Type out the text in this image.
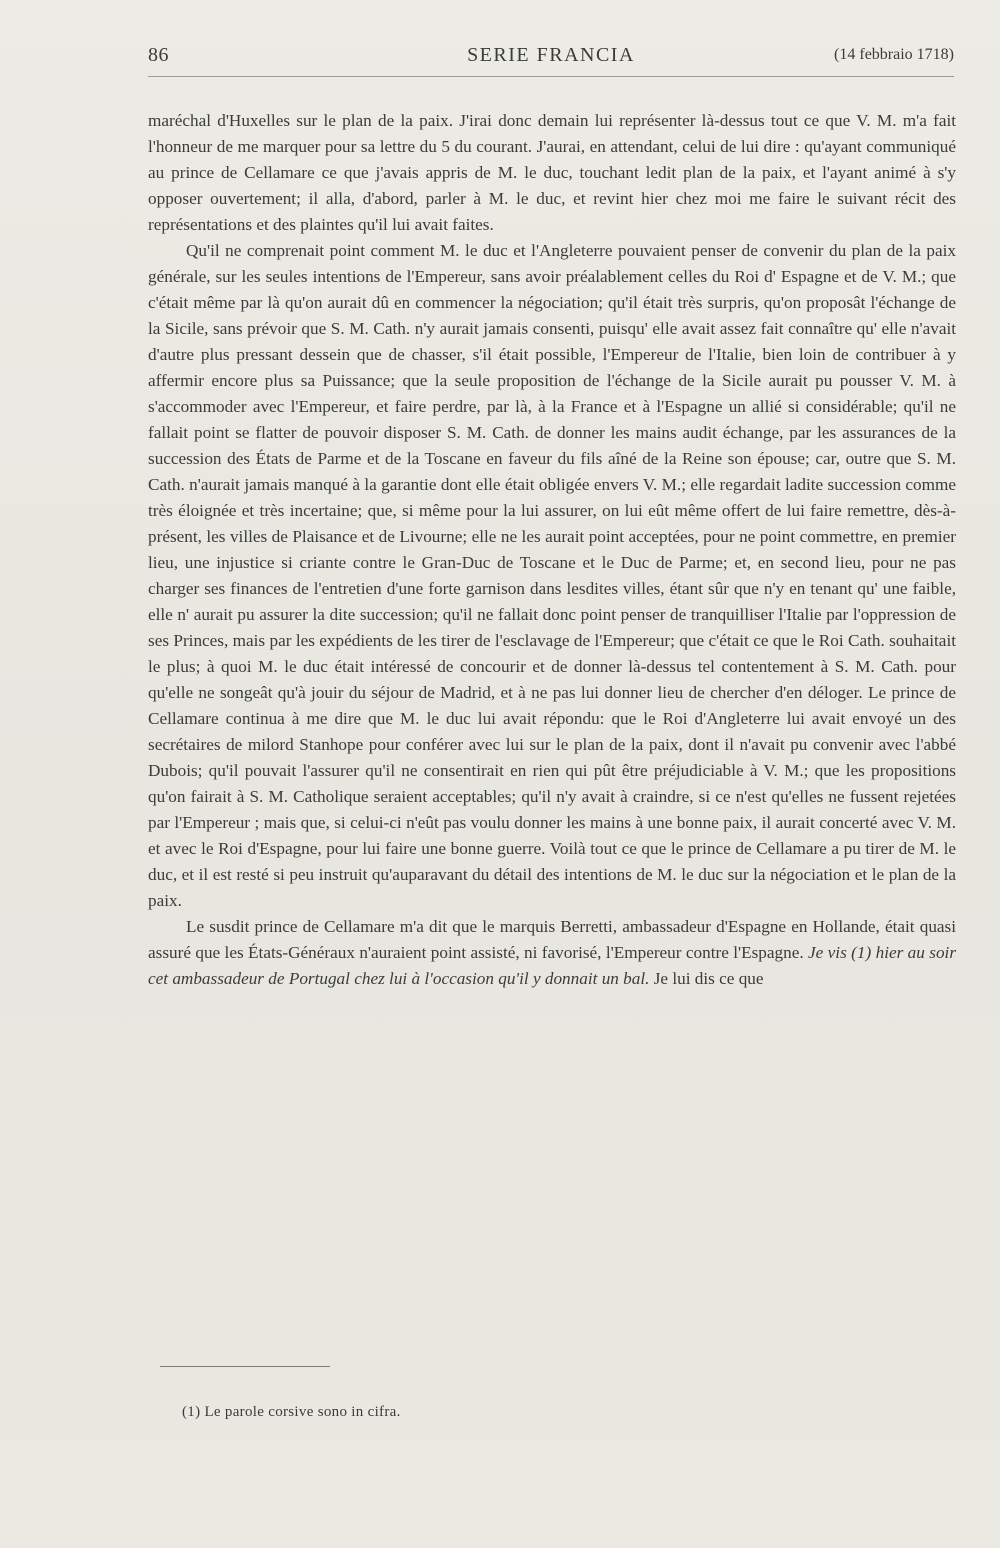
86	SERIE FRANCIA	(14 febbraio 1718)

maréchal d'Huxelles sur le plan de la paix. J'irai donc demain lui représenter là-dessus tout ce que V. M. m'a fait l'honneur de me marquer pour sa lettre du 5 du courant. J'aurai, en attendant, celui de lui dire : qu'ayant communiqué au prince de Cellamare ce que j'avais appris de M. le duc, touchant ledit plan de la paix, et l'ayant animé à s'y opposer ouvertement; il alla, d'abord, parler à M. le duc, et revint hier chez moi me faire le suivant récit des représentations et des plaintes qu'il lui avait faites.

Qu'il ne comprenait point comment M. le duc et l'Angleterre pouvaient penser de convenir du plan de la paix générale, sur les seules intentions de l'Empereur, sans avoir préalablement celles du Roi d' Espagne et de V. M.; que c'était même par là qu'on aurait dû en commencer la négociation; qu'il était très surpris, qu'on proposât l'échange de la Sicile, sans prévoir que S. M. Cath. n'y aurait jamais consenti, puisqu' elle avait assez fait connaître qu' elle n'avait d'autre plus pressant dessein que de chasser, s'il était possible, l'Empereur de l'Italie, bien loin de contribuer à y affermir encore plus sa Puissance; que la seule proposition de l'échange de la Sicile aurait pu pousser V. M. à s'accommoder avec l'Empereur, et faire perdre, par là, à la France et à l'Espagne un allié si considérable; qu'il ne fallait point se flatter de pouvoir disposer S. M. Cath. de donner les mains audit échange, par les assurances de la succession des États de Parme et de la Toscane en faveur du fils aîné de la Reine son épouse; car, outre que S. M. Cath. n'aurait jamais manqué à la garantie dont elle était obligée envers V. M.; elle regardait ladite succession comme très éloignée et très incertaine; que, si même pour la lui assurer, on lui eût même offert de lui faire remettre, dès-à-présent, les villes de Plaisance et de Livourne; elle ne les aurait point acceptées, pour ne point commettre, en premier lieu, une injustice si criante contre le Gran-Duc de Toscane et le Duc de Parme; et, en second lieu, pour ne pas charger ses finances de l'entretien d'une forte garnison dans lesdites villes, étant sûr que n'y en tenant qu' une faible, elle n' aurait pu assurer la dite succession; qu'il ne fallait donc point penser de tranquilliser l'Italie par l'oppression de ses Princes, mais par les expédients de les tirer de l'esclavage de l'Empereur; que c'était ce que le Roi Cath. souhaitait le plus; à quoi M. le duc était intéressé de concourir et de donner là-dessus tel contentement à S. M. Cath. pour qu'elle ne songeât qu'à jouir du séjour de Madrid, et à ne pas lui donner lieu de chercher d'en déloger. Le prince de Cellamare continua à me dire que M. le duc lui avait répondu: que le Roi d'Angleterre lui avait envoyé un des secrétaires de milord Stanhope pour conférer avec lui sur le plan de la paix, dont il n'avait pu convenir avec l'abbé Dubois; qu'il pouvait l'assurer qu'il ne consentirait en rien qui pût être préjudiciable à V. M.; que les propositions qu'on fairait à S. M. Catholique seraient acceptables; qu'il n'y avait à craindre, si ce n'est qu'elles ne fussent rejetées par l'Empereur ; mais que, si celui-ci n'eût pas voulu donner les mains à une bonne paix, il aurait concerté avec V. M. et avec le Roi d'Espagne, pour lui faire une bonne guerre. Voilà tout ce que le prince de Cellamare a pu tirer de M. le duc, et il est resté si peu instruit qu'auparavant du détail des intentions de M. le duc sur la négociation et le plan de la paix.

Le susdit prince de Cellamare m'a dit que le marquis Berretti, ambassadeur d'Espagne en Hollande, était quasi assuré que les États-Généraux n'auraient point assisté, ni favorisé, l'Empereur contre l'Espagne. Je vis (1) hier au soir cet ambassadeur de Portugal chez lui à l'occasion qu'il y donnait un bal. Je lui dis ce que

(1) Le parole corsive sono in cifra.
